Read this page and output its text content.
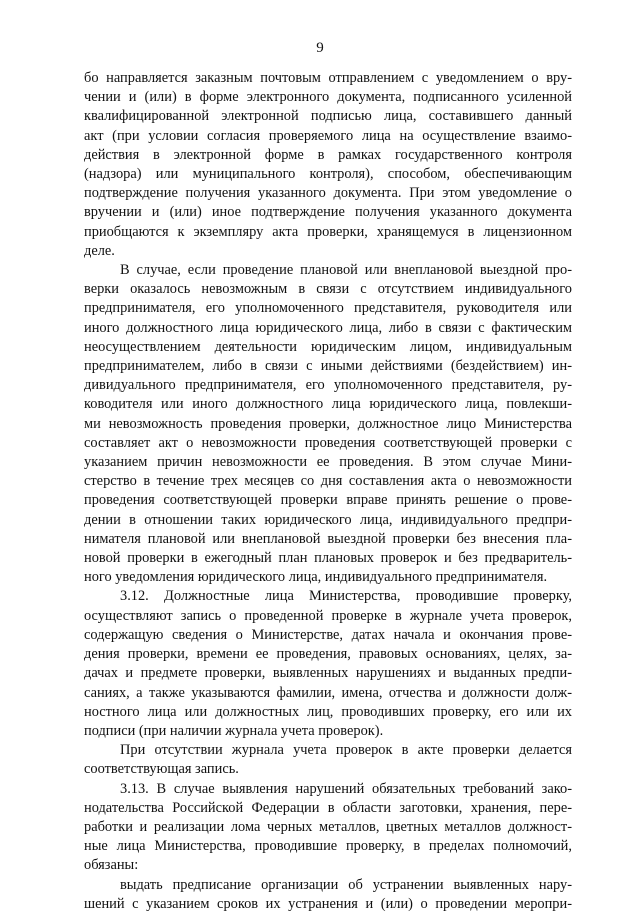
9
бо направляется заказным почтовым отправлением с уведомлением о вру-
чении и (или) в форме электронного документа, подписанного усиленной
квалифицированной электронной подписью лица, составившего данный
акт (при условии согласия проверяемого лица на осуществление взаимо-
действия в электронной форме в рамках государственного контроля
(надзора) или муниципального контроля), способом, обеспечивающим
подтверждение получения указанного документа. При этом уведомление о
вручении и (или) иное подтверждение получения указанного документа
приобщаются к экземпляру акта проверки, хранящемуся в лицензионном
деле.
В случае, если проведение плановой или внеплановой выездной про-
верки оказалось невозможным в связи с отсутствием индивидуального
предпринимателя, его уполномоченного представителя, руководителя или
иного должностного лица юридического лица, либо в связи с фактическим
неосуществлением деятельности юридическим лицом, индивидуальным
предпринимателем, либо в связи с иными действиями (бездействием) ин-
дивидуального предпринимателя, его уполномоченного представителя, ру-
ководителя или иного должностного лица юридического лица, повлекши-
ми невозможность проведения проверки, должностное лицо Министерства
составляет акт о невозможности проведения соответствующей проверки с
указанием причин невозможности ее проведения. В этом случае Мини-
стерство в течение трех месяцев со дня составления акта о невозможности
проведения соответствующей проверки вправе принять решение о прове-
дении в отношении таких юридического лица, индивидуального предпри-
нимателя плановой или внеплановой выездной проверки без внесения пла-
новой проверки в ежегодный план плановых проверок и без предваритель-
ного уведомления юридического лица, индивидуального предпринимателя.
3.12. Должностные лица Министерства, проводившие проверку,
осуществляют запись о проведенной проверке в журнале учета проверок,
содержащую сведения о Министерстве, датах начала и окончания прове-
дения проверки, времени ее проведения, правовых основаниях, целях, за-
дачах и предмете проверки, выявленных нарушениях и выданных предпи-
саниях, а также указываются фамилии, имена, отчества и должности долж-
ностного лица или должностных лиц, проводивших проверку, его или их
подписи (при наличии журнала учета проверок).
При отсутствии журнала учета проверок в акте проверки делается
соответствующая запись.
3.13. В случае выявления нарушений обязательных требований зако-
нодательства Российской Федерации в области заготовки, хранения, пере-
работки и реализации лома черных металлов, цветных металлов должност-
ные лица Министерства, проводившие проверку, в пределах полномочий,
обязаны:
выдать предписание организации об устранении выявленных нару-
шений с указанием сроков их устранения и (или) о проведении меропри-
